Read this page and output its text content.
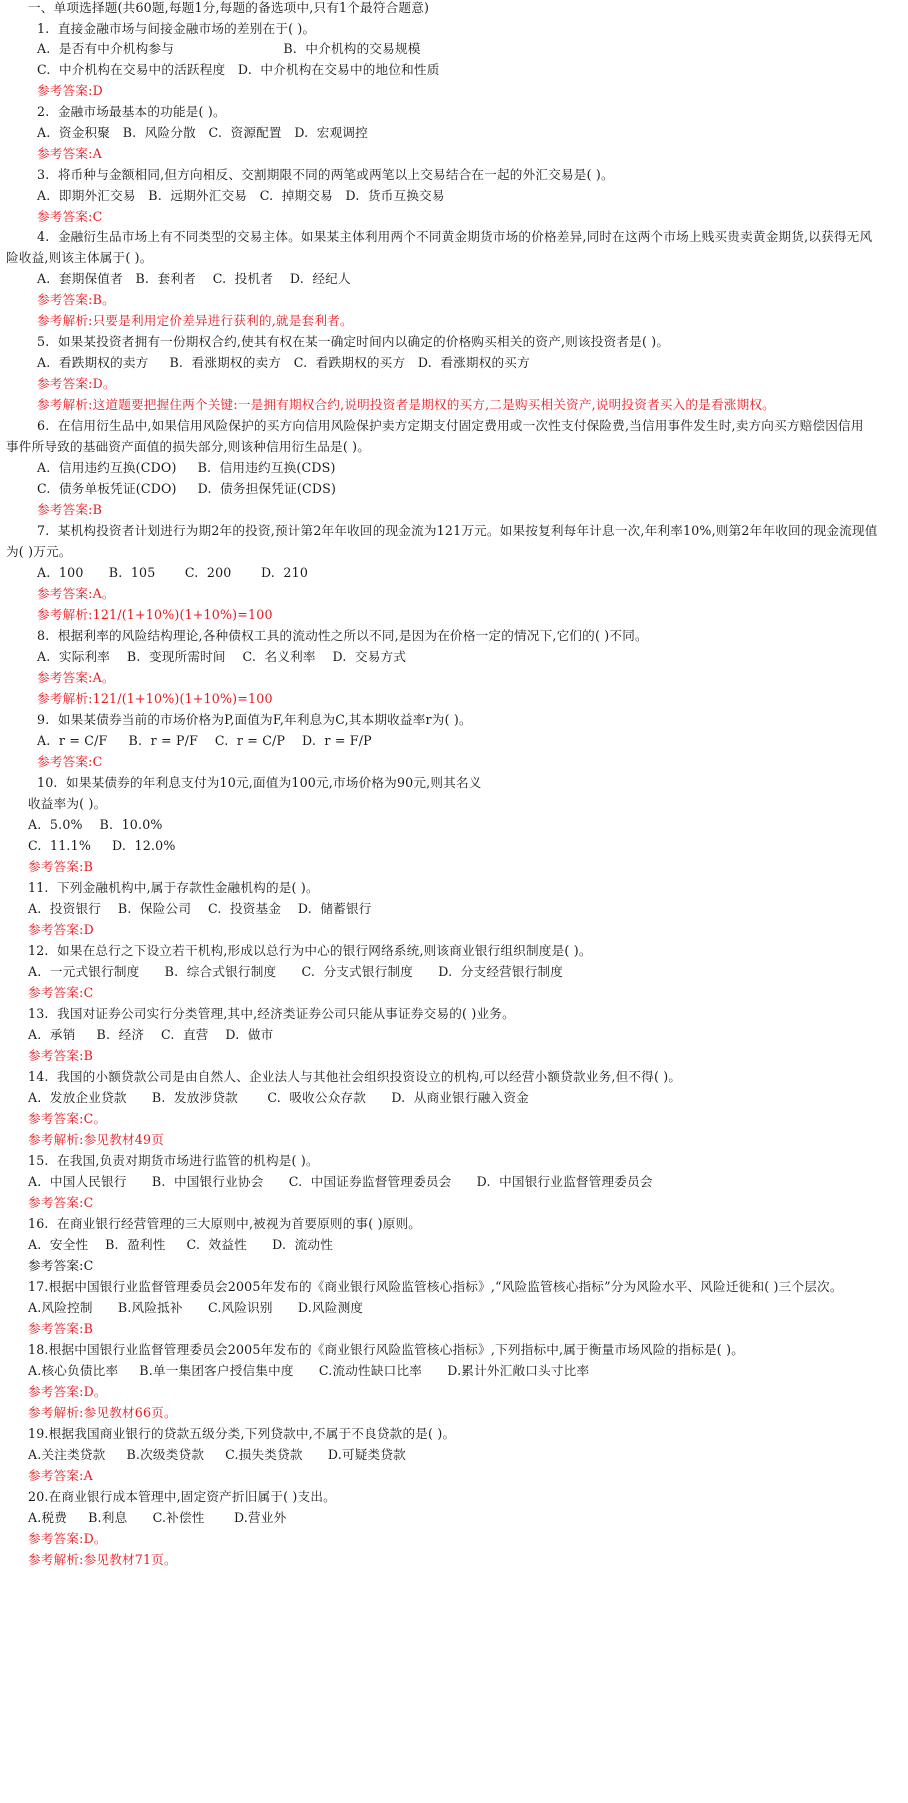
一、单项选择题(共60题,每题1分,每题的备选项中,只有1个最符合题意)
1.  直接金融市场与间接金融市场的差别在于( )。
A.  是否有中介机构参与                          B.  中介机构的交易规模
C.  中介机构在交易中的活跃程度   D.  中介机构在交易中的地位和性质
参考答案:D
2.  金融市场最基本的功能是( )。
A.  资金积聚   B.  风险分散   C.  资源配置   D.  宏观调控
参考答案:A
3.  将币种与金额相同,但方向相反、交割期限不同的两笔或两笔以上交易结合在一起的外汇交易是( )。
A.  即期外汇交易   B.  远期外汇交易   C.  掉期交易   D.  货币互换交易
参考答案:C
4.  金融衍生品市场上有不同类型的交易主体。如果某主体利用两个不同黄金期货市场的价格差异,同时在这两个市场上贱买贵卖黄金期货,以获得无风
险收益,则该主体属于( )。
A.  套期保值者   B.  套利者    C.  投机者    D.  经纪人
参考答案:B。
参考解析:只要是利用定价差异进行获利的,就是套利者。
5.  如果某投资者拥有一份期权合约,使其有权在某一确定时间内以确定的价格购买相关的资产,则该投资者是( )。
A.  看跌期权的卖方     B.  看涨期权的卖方   C.  看跌期权的买方   D.  看涨期权的买方
参考答案:D。
参考解析:这道题要把握住两个关键:一是拥有期权合约,说明投资者是期权的买方,二是购买相关资产,说明投资者买入的是看涨期权。
6.  在信用衍生品中,如果信用风险保护的买方向信用风险保护卖方定期支付固定费用或一次性支付保险费,当信用事件发生时,卖方向买方赔偿因信用
事件所导致的基础资产面值的损失部分,则该种信用衍生品是( )。
A.  信用违约互换(CDO)     B.  信用违约互换(CDS)
C.  债务单板凭证(CDO)     D.  债务担保凭证(CDS)
参考答案:B
7.  某机构投资者计划进行为期2年的投资,预计第2年年收回的现金流为121万元。如果按复利每年计息一次,年利率10%,则第2年年收回的现金流现值
为( )万元。
A.  100      B.  105       C.  200       D.  210
参考答案:A。
参考解析:121/(1+10%)(1+10%)=100
8.  根据利率的风险结构理论,各种债权工具的流动性之所以不同,是因为在价格一定的情况下,它们的( )不同。
A.  实际利率    B.  变现所需时间    C.  名义利率    D.  交易方式
参考答案:A。
参考解析:121/(1+10%)(1+10%)=100
9.  如果某债券当前的市场价格为P,面值为F,年利息为C,其本期收益率r为( )。
A.  r = C/F     B.  r = P/F    C.  r = C/P    D.  r = F/P
参考答案:C
10.  如果某债券的年利息支付为10元,面值为100元,市场价格为90元,则其名义
收益率为( )。
A.  5.0%    B.  10.0%
C.  11.1%     D.  12.0%
参考答案:B
11.  下列金融机构中,属于存款性金融机构的是( )。
A.  投资银行    B.  保险公司    C.  投资基金    D.  储蓄银行
参考答案:D
12.  如果在总行之下设立若干机构,形成以总行为中心的银行网络系统,则该商业银行组织制度是( )。
A.  一元式银行制度      B.  综合式银行制度      C.  分支式银行制度      D.  分支经营银行制度
参考答案:C
13.  我国对证券公司实行分类管理,其中,经济类证券公司只能从事证券交易的( )业务。
A.  承销     B.  经济    C.  直营    D.  做市
参考答案:B
14.  我国的小额贷款公司是由自然人、企业法人与其他社会组织投资设立的机构,可以经营小额贷款业务,但不得( )。
A.  发放企业贷款      B.  发放涉贷款       C.  吸收公众存款      D.  从商业银行融入资金
参考答案:C。
参考解析:参见教材49页
15.  在我国,负责对期货市场进行监管的机构是( )。
A.  中国人民银行      B.  中国银行业协会      C.  中国证券监督管理委员会      D.  中国银行业监督管理委员会
参考答案:C
16.  在商业银行经营管理的三大原则中,被视为首要原则的事( )原则。
A.  安全性    B.  盈利性     C.  效益性      D.  流动性
参考答案:C
17.根据中国银行业监督管理委员会2005年发布的《商业银行风险监管核心指标》,“风险监管核心指标”分为风险水平、风险迁徙和( )三个层次。
A.风险控制      B.风险抵补      C.风险识别      D.风险测度
参考答案:B
18.根据中国银行业监督管理委员会2005年发布的《商业银行风险监管核心指标》,下列指标中,属于衡量市场风险的指标是( )。
A.核心负债比率     B.单一集团客户授信集中度      C.流动性缺口比率      D.累计外汇敞口头寸比率
参考答案:D。
参考解析:参见教材66页。
19.根据我国商业银行的贷款五级分类,下列贷款中,不属于不良贷款的是( )。
A.关注类贷款     B.次级类贷款     C.损失类贷款      D.可疑类贷款
参考答案:A
20.在商业银行成本管理中,固定资产折旧属于( )支出。
A.税费     B.利息      C.补偿性       D.营业外
参考答案:D。
参考解析:参见教材71页。
